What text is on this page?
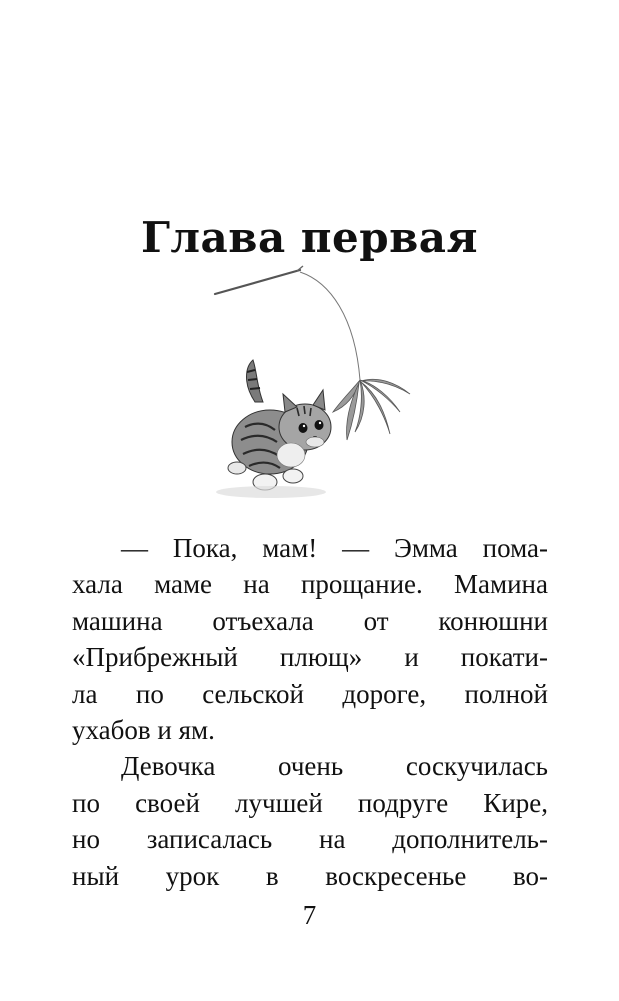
Глава первая

— Пока, мам! — Эмма пома-
хала маме на прощание. Мамина
машина отъехала от конюшни
«Прибрежный плющ» и покати-
ла по сельской дороге, полной
ухабов и ям.

Девочка очень соскучилась
по своей лучшей подруге Кире,
но записалась на дополнитель-
ный урок в воскресенье во-

7
